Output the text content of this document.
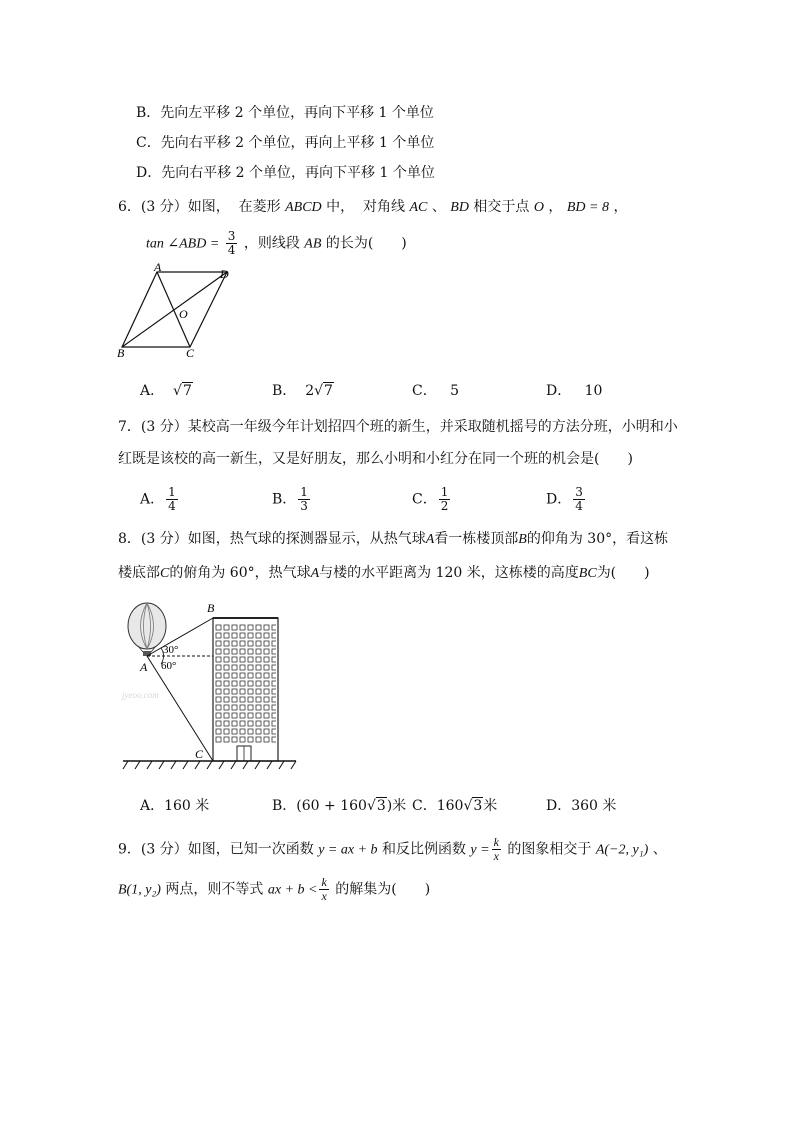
B．先向左平移 2 个单位，再向下平移 1 个单位
C．先向右平移 2 个单位，再向上平移 1 个单位
D．先向右平移 2 个单位，再向下平移 1 个单位
6．(3 分）如图， 在菱形 ABCD 中， 对角线 AC 、 BD 相交于点 O ， BD = 8 ，
tan ∠ABD = $\frac{3}{4}$ ，则线段 AB 的长为(　　)
A	D
O
B	C
A．  √7	B． 2√7	C． 5	D． 10
7．(3 分）某校高一年级今年计划招四个班的新生，并采取随机摇号的方法分班，小明和小
红既是该校的高一新生，又是好朋友，那么小明和小红分在同一个班的机会是(　　)
A． $\frac{1}{4}$	B． $\frac{1}{3}$	C． $\frac{1}{2}$	D． $\frac{3}{4}$
8．(3 分）如图，热气球的探测器显示，从热气球A看一栋楼顶部B的仰角为 30°，看这栋
楼底部C的俯角为 60°，热气球A与楼的水平距离为 120 米，这栋楼的高度BC为(　　)
B
A
C
30°
60°
jyeoo.com
A．160 米	B．(60 + 160√3)米 C．160√3米	D．360 米
9．(3 分）如图，已知一次函数 y = ax + b 和反比例函数 $y = \frac{k}{x}$ 的图象相交于 A(−2, y₁) 、
B(1, y₂) 两点，则不等式 ax + $b < \frac{k}{x}$ 的解集为(　　)
